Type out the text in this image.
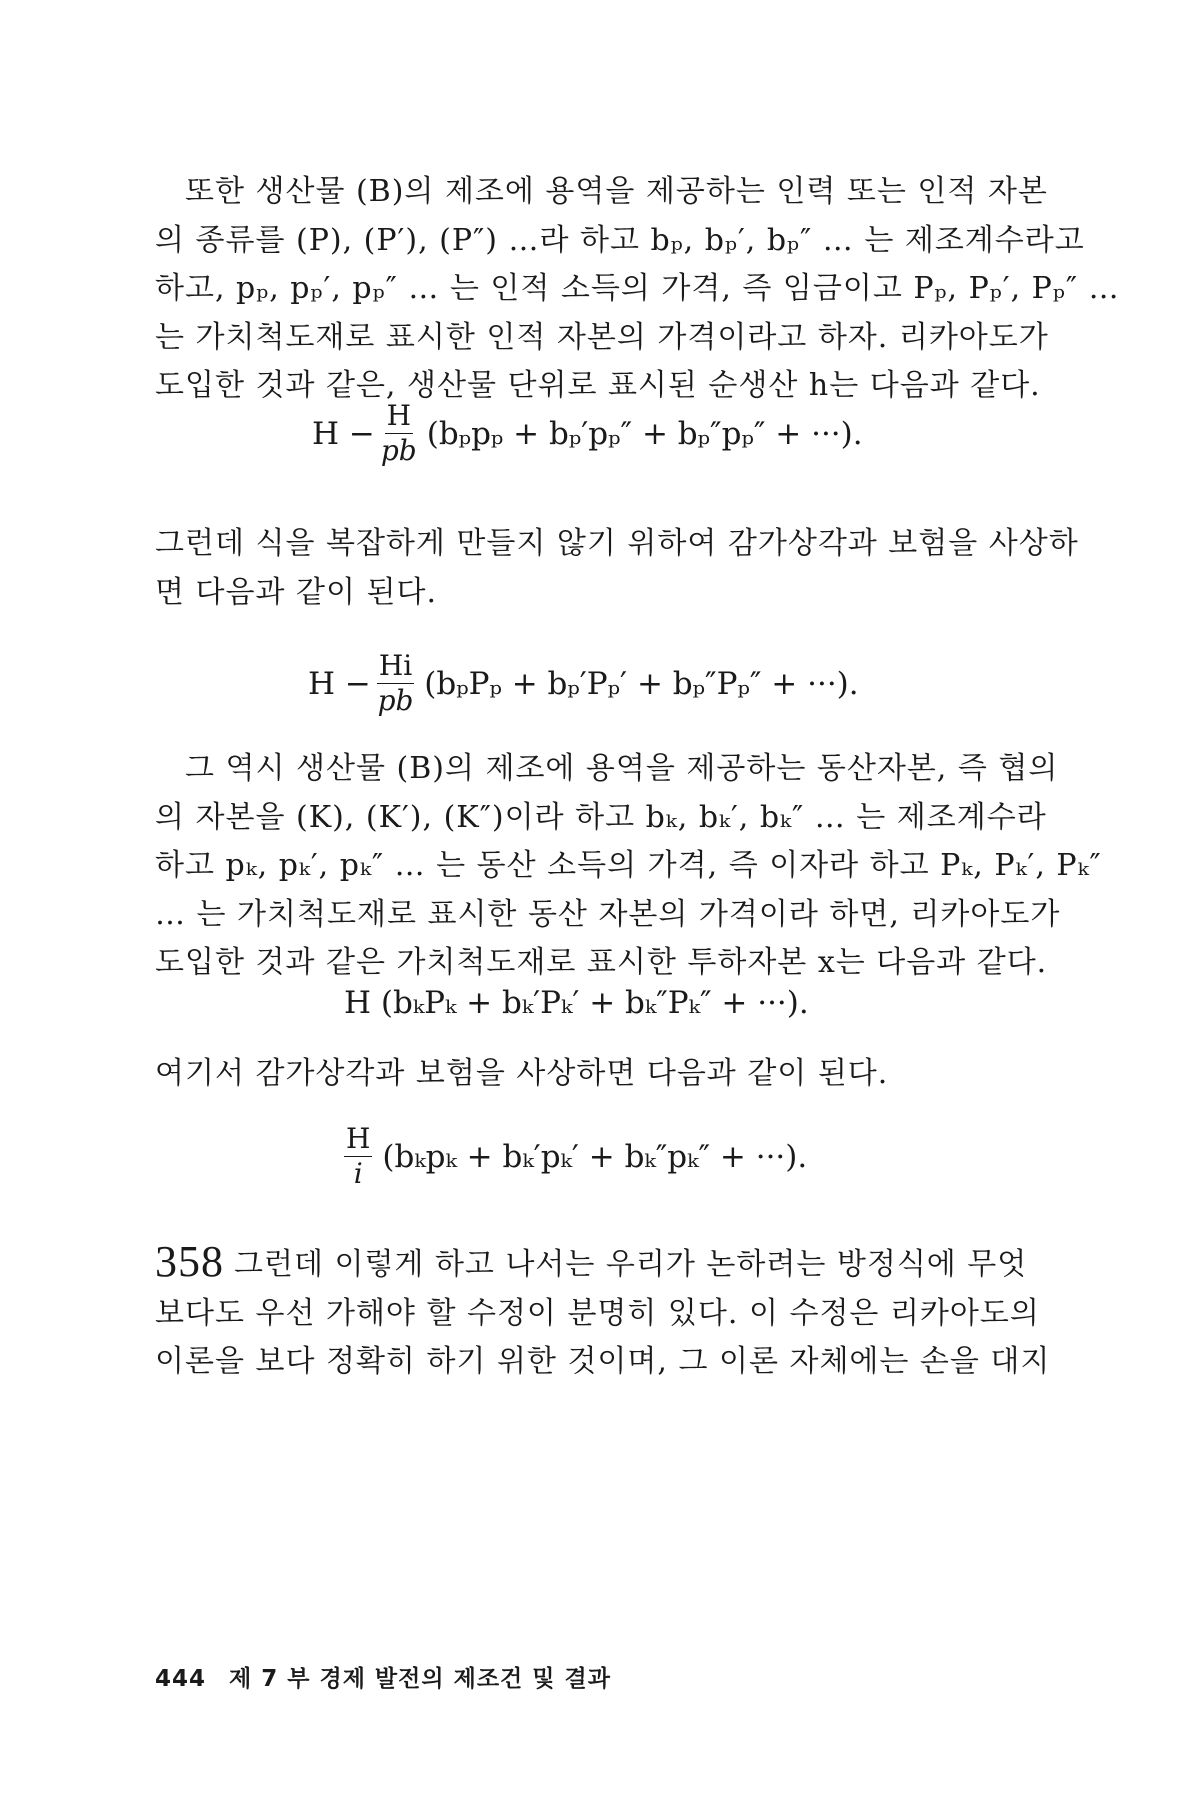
또한 생산물 (B)의 제조에 용역을 제공하는 인력 또는 인적 자본
의 종류를 (P), (P′), (P″) …라 하고 bₚ, bₚ′, bₚ″ … 는 제조계수라고
하고, pₚ, pₚ′, pₚ″ … 는 인적 소득의 가격, 즉 임금이고 Pₚ, Pₚ′, Pₚ″ …
는 가치척도재로 표시한 인적 자본의 가격이라고 하자. 리카아도가
도입한 것과 같은, 생산물 단위로 표시된 순생산 h는 다음과 같다.
$H - \frac{H}{pb} (b_pp_p + b_p'p_p'' + b_p''p_p''$ + ···).
그런데 식을 복잡하게 만들지 않기 위하여 감가상각과 보험을 사상하
면 다음과 같이 된다.
$H - \frac{Hi}{pb} (b_pP_p + b_p'P_p' + b_p''P_p''$ + ···).
그 역시 생산물 (B)의 제조에 용역을 제공하는 동산자본, 즉 협의
의 자본을 (K), (K′), (K″)이라 하고 bₖ, bₖ′, bₖ″ … 는 제조계수라
하고 pₖ, pₖ′, pₖ″ … 는 동산 소득의 가격, 즉 이자라 하고 Pₖ, Pₖ′, Pₖ″
… 는 가치척도재로 표시한 동산 자본의 가격이라 하면, 리카아도가
도입한 것과 같은 가치척도재로 표시한 투하자본 x는 다음과 같다.
H (bₖPₖ + bₖ′Pₖ′ + bₖ″Pₖ″ + ···).
여기서 감가상각과 보험을 사상하면 다음과 같이 된다.
$\frac{H}{i} (b_kp_k + b_k'p_k' + b_k''p_k''$ + ···).
358 그런데 이렇게 하고 나서는 우리가 논하려는 방정식에 무엇
보다도 우선 가해야 할 수정이 분명히 있다. 이 수정은 리카아도의
이론을 보다 정확히 하기 위한 것이며, 그 이론 자체에는 손을 대지
444 제 7 부 경제 발전의 제조건 및 결과
